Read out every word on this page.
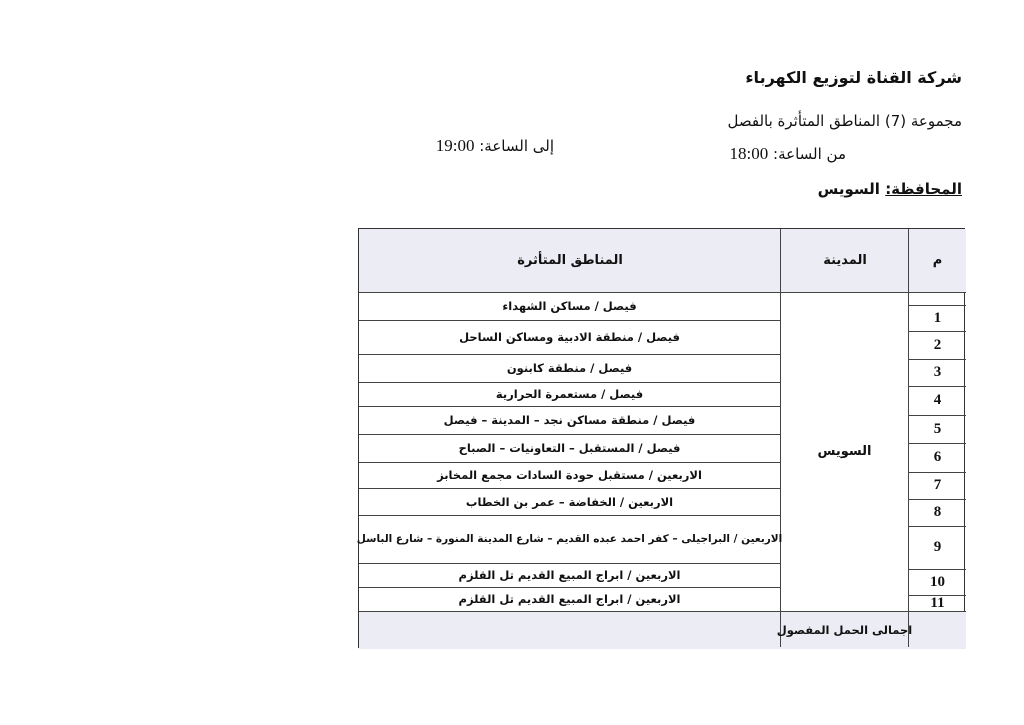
شركة القناة لتوزيع الكهرباء
مجموعة (7) المناطق المتأثرة بالفصل
من الساعة: 18:00
إلى الساعة: 19:00
المحافظة: السويس
المناطق المتأثرة	المدينة	م
فيصل / مساكن الشهداء
فيصل / منطقة الادبية ومساكن الساحل
فيصل / منطقة كابنون
فيصل / مستعمرة الحرارية
فيصل / منطقة مساكن نجد – المدينة – فيصل
فيصل / المستقبل – التعاونيات – الصباح
الاربعين / مستقبل حودة السادات مجمع المخابز
الاربعين / الخفاضة – عمر بن الخطاب
الاربعين / البراجيلى – كفر احمد عبده القديم – شارع المدينة المنورة – شارع الباسل
الاربعين / ابراج المبيع القديم تل القلزم
الاربعين / ابراج المبيع القديم تل القلزم
السويس
1
2
3
4
5
6
7
8
9
10
11
اجمالى الحمل المفصول
